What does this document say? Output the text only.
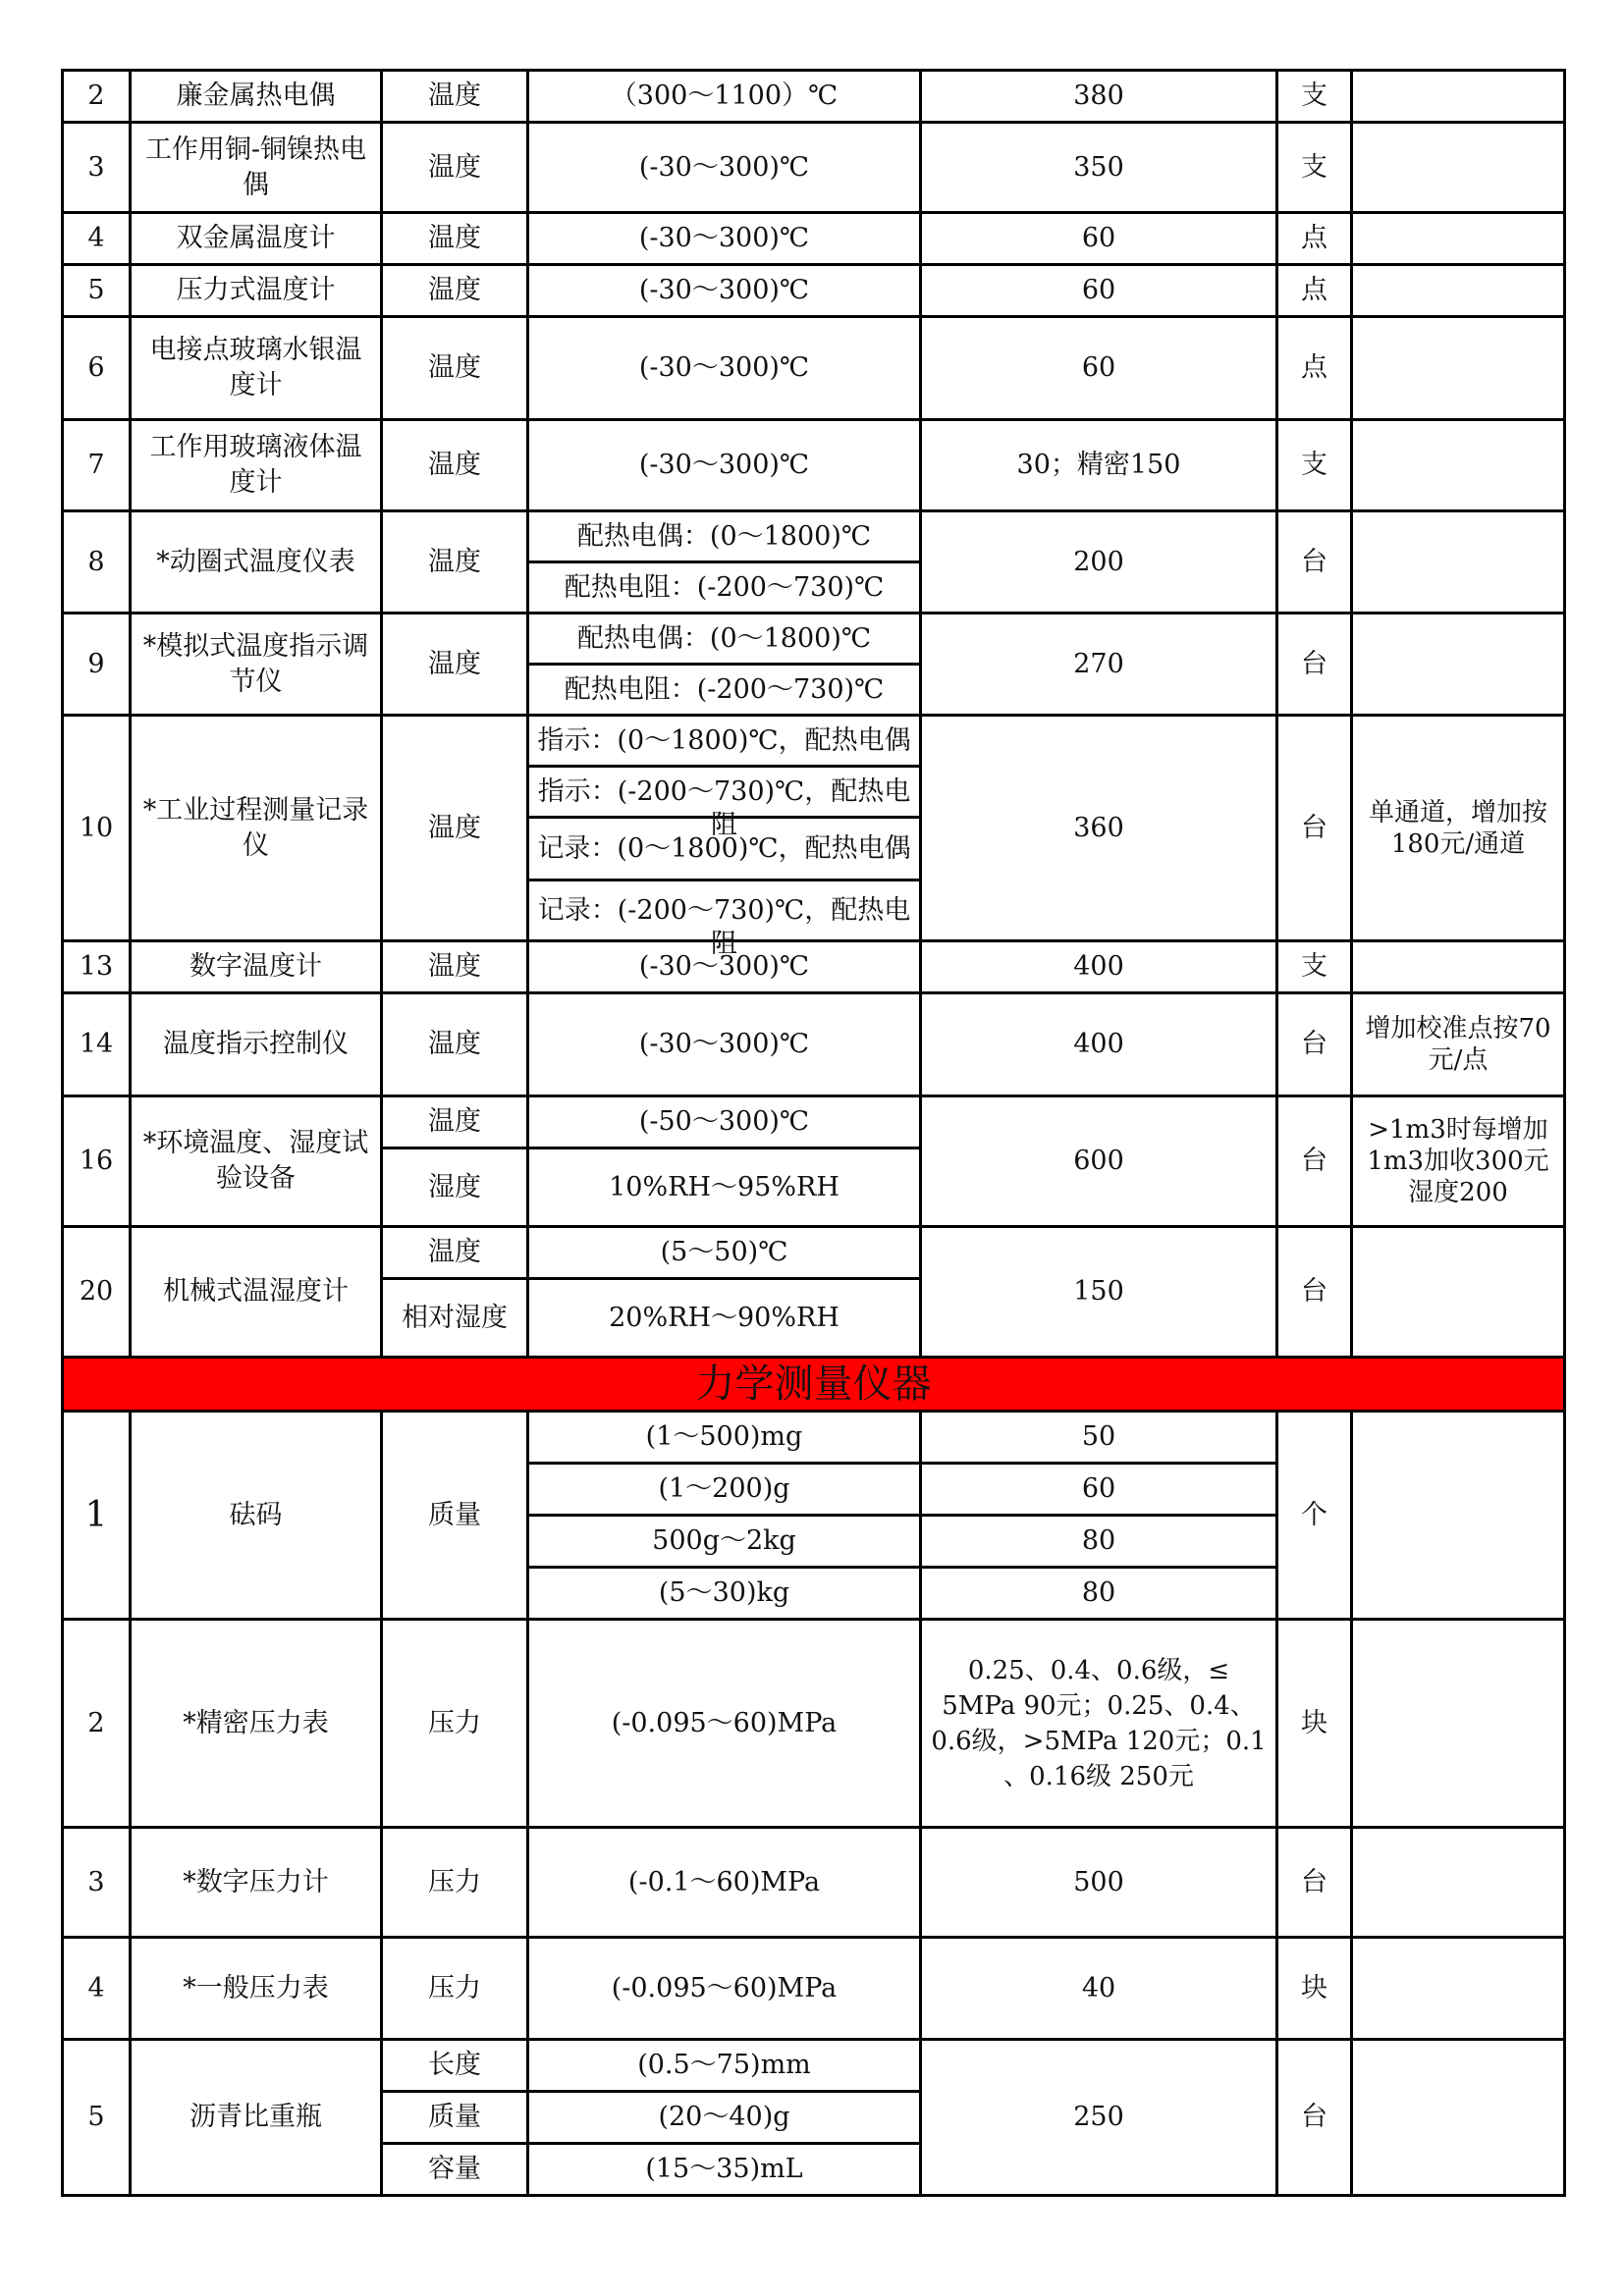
2	廉金属热电偶	温度	（300～1100）℃	380	支	
3	工作用铜-铜镍热电偶	温度	(-30～300)℃	350	支	
4	双金属温度计	温度	(-30～300)℃	60	点	
5	压力式温度计	温度	(-30～300)℃	60	点	
6	电接点玻璃水银温度计	温度	(-30～300)℃	60	点	
7	工作用玻璃液体温度计	温度	(-30～300)℃	30；精密150	支	
8	*动圈式温度仪表	温度	配热电偶：(0～1800)℃	200	台	
			配热电阻：(-200～730)℃			
9	*模拟式温度指示调节仪	温度	配热电偶：(0～1800)℃	270	台	
			配热电阻：(-200～730)℃			
10	*工业过程测量记录仪	温度	指示：(0～1800)℃，配热电偶	360	台	单通道，增加按180元/通道

			指示：(-200～730)℃，配热电阻			

			记录：(0～1800)℃，配热电偶			

			记录：(-200～730)℃，配热电阻			

13	数字温度计	温度	(-30～300)℃	400	支	
14	温度指示控制仪	温度	(-30～300)℃	400	台	增加校准点按70元/点
16	*环境温度、湿度试验设备	温度	(-50～300)℃	600	台	>1m3时每增加1m3加收300元湿度200
		湿度	10%RH～95%RH			
20	机械式温湿度计	温度	(5～50)℃	150	台	
		相对湿度	20%RH～90%RH			
力学测量仪器						
1	砝码	质量	(1～500)mg	50	个	
			(1～200)g	60		
			500g～2kg	80		
			(5～30)kg	80		
2	*精密压力表	压力	(-0.095～60)MPa	0.25、0.4、0.6级，≤
5MPa 90元；0.25、0.4、
0.6级，>5MPa 120元；0.1
、0.16级 250元	块	
3	*数字压力计	压力	(-0.1～60)MPa	500	台	
4	*一般压力表	压力	(-0.095～60)MPa	40	块	
5	沥青比重瓶	长度	(0.5～75)mm	250	台	
		质量	(20～40)g			
		容量	(15～35)mL			
